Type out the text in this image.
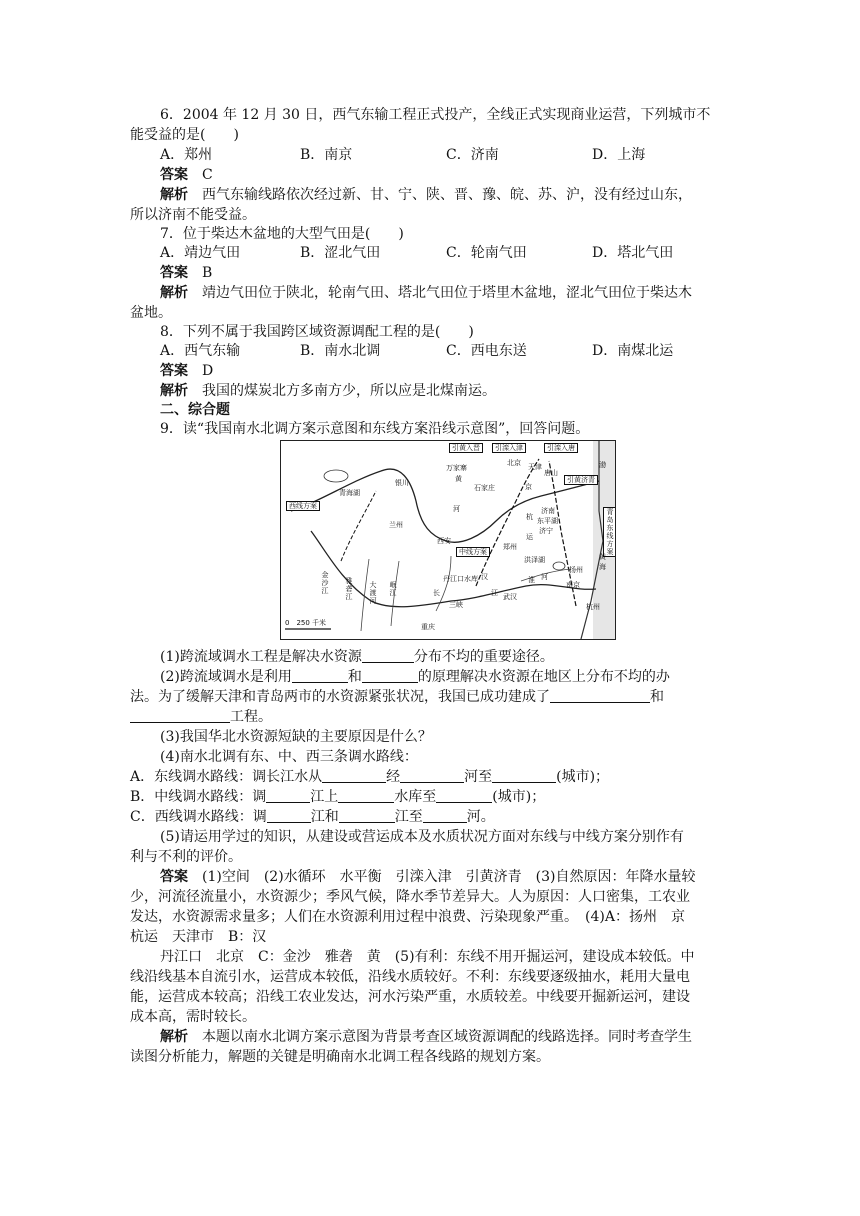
6．2004 年 12 月 30 日，西气东输工程正式投产，全线正式实现商业运营，下列城市不
能受益的是(　　)
A．郑州	B．南京	C．济南	D．上海
答案　 C
解析　 西气东输线路依次经过新、甘、宁、陕、晋、豫、皖、苏、沪，没有经过山东，
所以济南不能受益。
7．位于柴达木盆地的大型气田是(　　)
A．靖边气田	B．涩北气田	C．轮南气田	D．塔北气田
答案　 B
解析　 靖边气田位于陕北，轮南气田、塔北气田位于塔里木盆地，涩北气田位于柴达木
盆地。
8．下列不属于我国跨区域资源调配工程的是(　　)
A．西气东输	B．南水北调	C．西电东送	D．南煤北运
答案　 D
解析　 我国的煤炭北方多南方少，所以应是北煤南运。
二、综合题
9．读“我国南水北调方案示意图和东线方案沿线示意图”，回答问题。
引黄入晋	引滦入津	引滦入唐
引黄济青
青岛东线方案
西线方案
中线方案
青海湖
银川
万家寨
黄
河
北京 天津
唐山
石家庄	京
杭
运
济南
东平湖
济宁
兰州
西安
郑州
丹江口水库 汉
江
洪泽湖
扬州
淮 河
南京
杭州
武汉
三峡
长
重庆
金沙江
雅砻江
大渡河
岷江
渤
黄
海
0　250 千米
(1)跨流域调水工程是解决水资源	分布不均的重要途径。
(2)跨流域调水是利用	和	的原理解决水资源在地区上分布不均的办
法。为了缓解天津和青岛两市的水资源紧张状况，我国已成功建成了	和
工程。
(3)我国华北水资源短缺的主要原因是什么？
(4)南水北调有东、中、西三条调水路线：
A．东线调水路线：调长江水从	经	河至	(城市)；
B．中线调水路线：调	江上	水库至	(城市)；
C．西线调水路线：调	江和	江至	河。
(5)请运用学过的知识，从建设或营运成本及水质状况方面对东线与中线方案分别作有
利与不利的评价。
答案　 (1)空间　(2)水循环　水平衡　引滦入津　引黄济青　(3)自然原因：年降水量较
少，河流径流量小，水资源少；季风气候，降水季节差异大。人为原因：人口密集，工农业
发达，水资源需求量多；人们在水资源利用过程中浪费、污染现象严重。　(4)A：扬州　京
杭运　天津市　B：汉
丹江口　北京　C：金沙　雅砻　黄　(5)有利：东线不用开掘运河，建设成本较低。中
线沿线基本自流引水，运营成本较低，沿线水质较好。不利：东线要逐级抽水，耗用大量电
能，运营成本较高；沿线工农业发达，河水污染严重，水质较差。中线要开掘新运河，建设
成本高，需时较长。
解析　 本题以南水北调方案示意图为背景考查区域资源调配的线路选择。同时考查学生
读图分析能力，解题的关键是明确南水北调工程各线路的规划方案。
